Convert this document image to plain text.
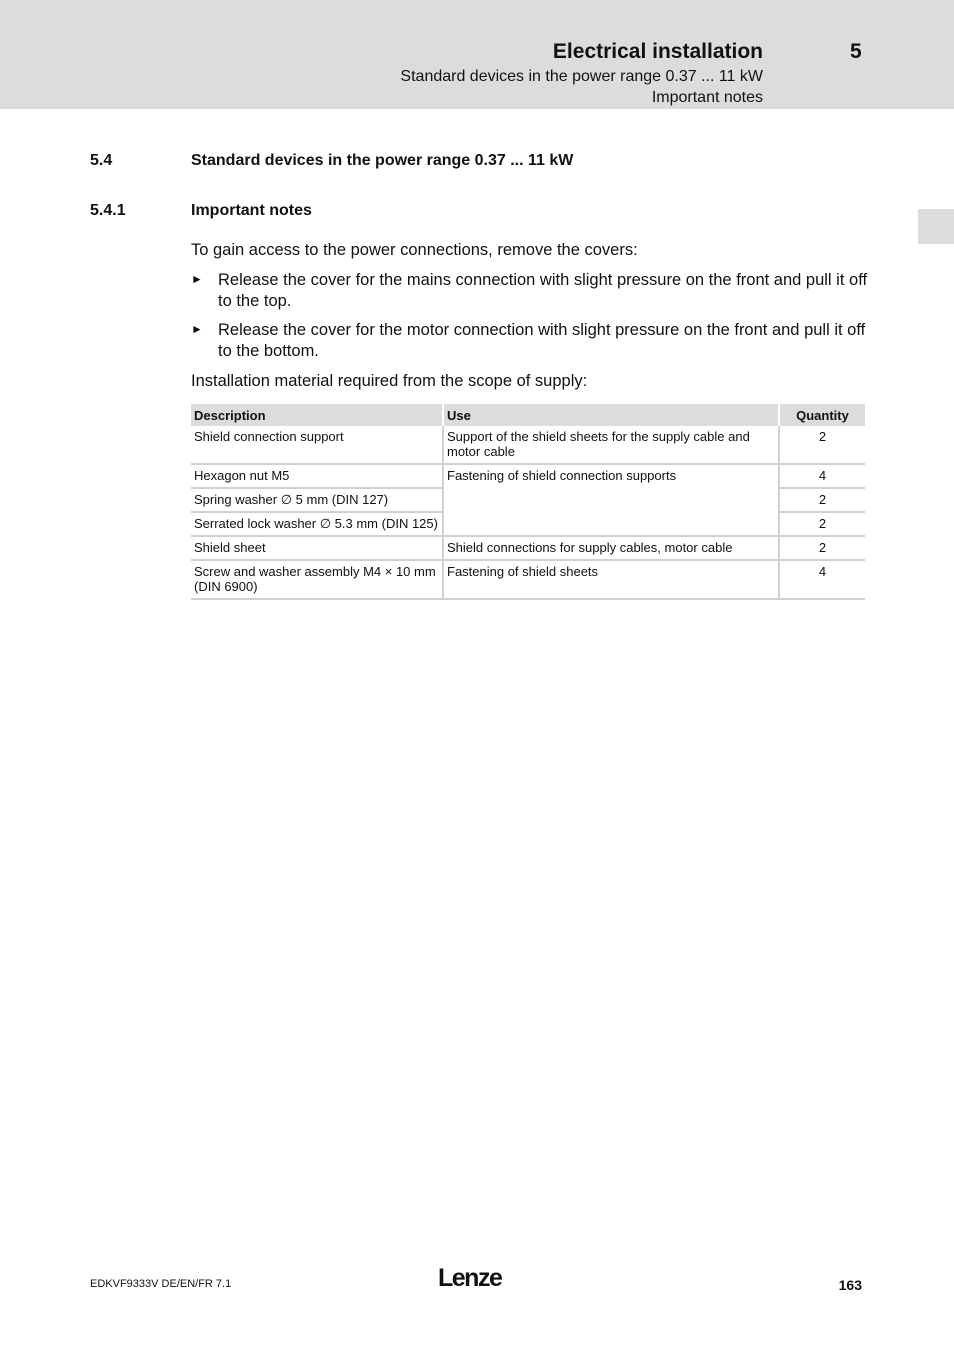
Electrical installation	5
Standard devices in the power range 0.37 ... 11 kW
Important notes
5.4	Standard devices in the power range 0.37 ... 11 kW
5.4.1	Important notes
To gain access to the power connections, remove the covers:
► Release the cover for the mains connection with slight pressure on the front and pull it off to the top.
► Release the cover for the motor connection with slight pressure on the front and pull it off to the bottom.
Installation material required from the scope of supply:
Description	Use	Quantity
Shield connection support	Support of the shield sheets for the supply cable and motor cable	2
Hexagon nut M5	Fastening of shield connection supports	4
Spring washer ∅ 5 mm (DIN 127)		2
Serrated lock washer ∅ 5.3 mm (DIN 125)		2
Shield sheet	Shield connections for supply cables, motor cable	2
Screw and washer assembly M4 × 10 mm (DIN 6900)	Fastening of shield sheets	4
EDKVF9333V DE/EN/FR 7.1	Lenze	163
